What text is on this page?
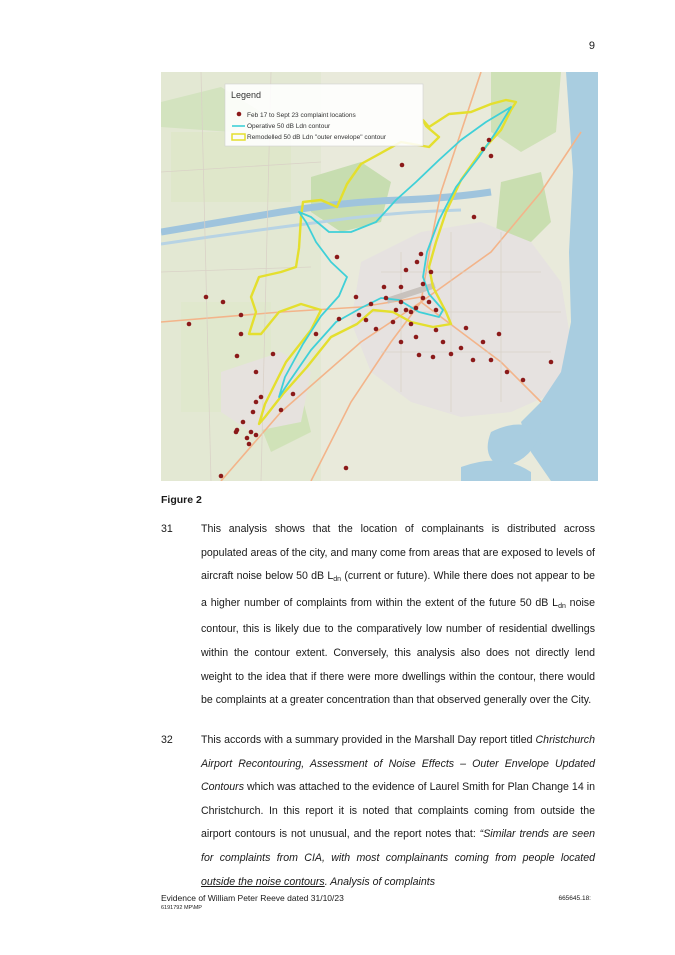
9
Legend
Feb 17 to Sept 23 complaint locations
Operative 50 dB Ldn contour
Remodelled 50 dB Ldn "outer envelope" contour
Figure 2
31	This analysis shows that the location of complainants is distributed across populated areas of the city, and many come from areas that are exposed to levels of aircraft noise below 50 dB $L_{dn}$ (current or future). While there does not appear to be a higher number of complaints from within the extent of the future 50 dB $L_{dn}$ noise contour, this is likely due to the comparatively low number of residential dwellings within the contour extent. Conversely, this analysis also does not directly lend weight to the idea that if there were more dwellings within the contour, there would be complaints at a greater concentration than that observed generally over the City.

32	This accords with a summary provided in the Marshall Day report titled Christchurch Airport Recontouring, Assessment of Noise Effects – Outer Envelope Updated Contours which was attached to the evidence of Laurel Smith for Plan Change 14 in Christchurch. In this report it is noted that complaints coming from outside the airport contours is not unusual, and the report notes that: “Similar trends are seen for complaints from CIA, with most complainants coming from people located outside the noise contours. Analysis of complaints

Evidence of William Peter Reeve dated 31/10/23	665645.18:
6191792 MP\MP
